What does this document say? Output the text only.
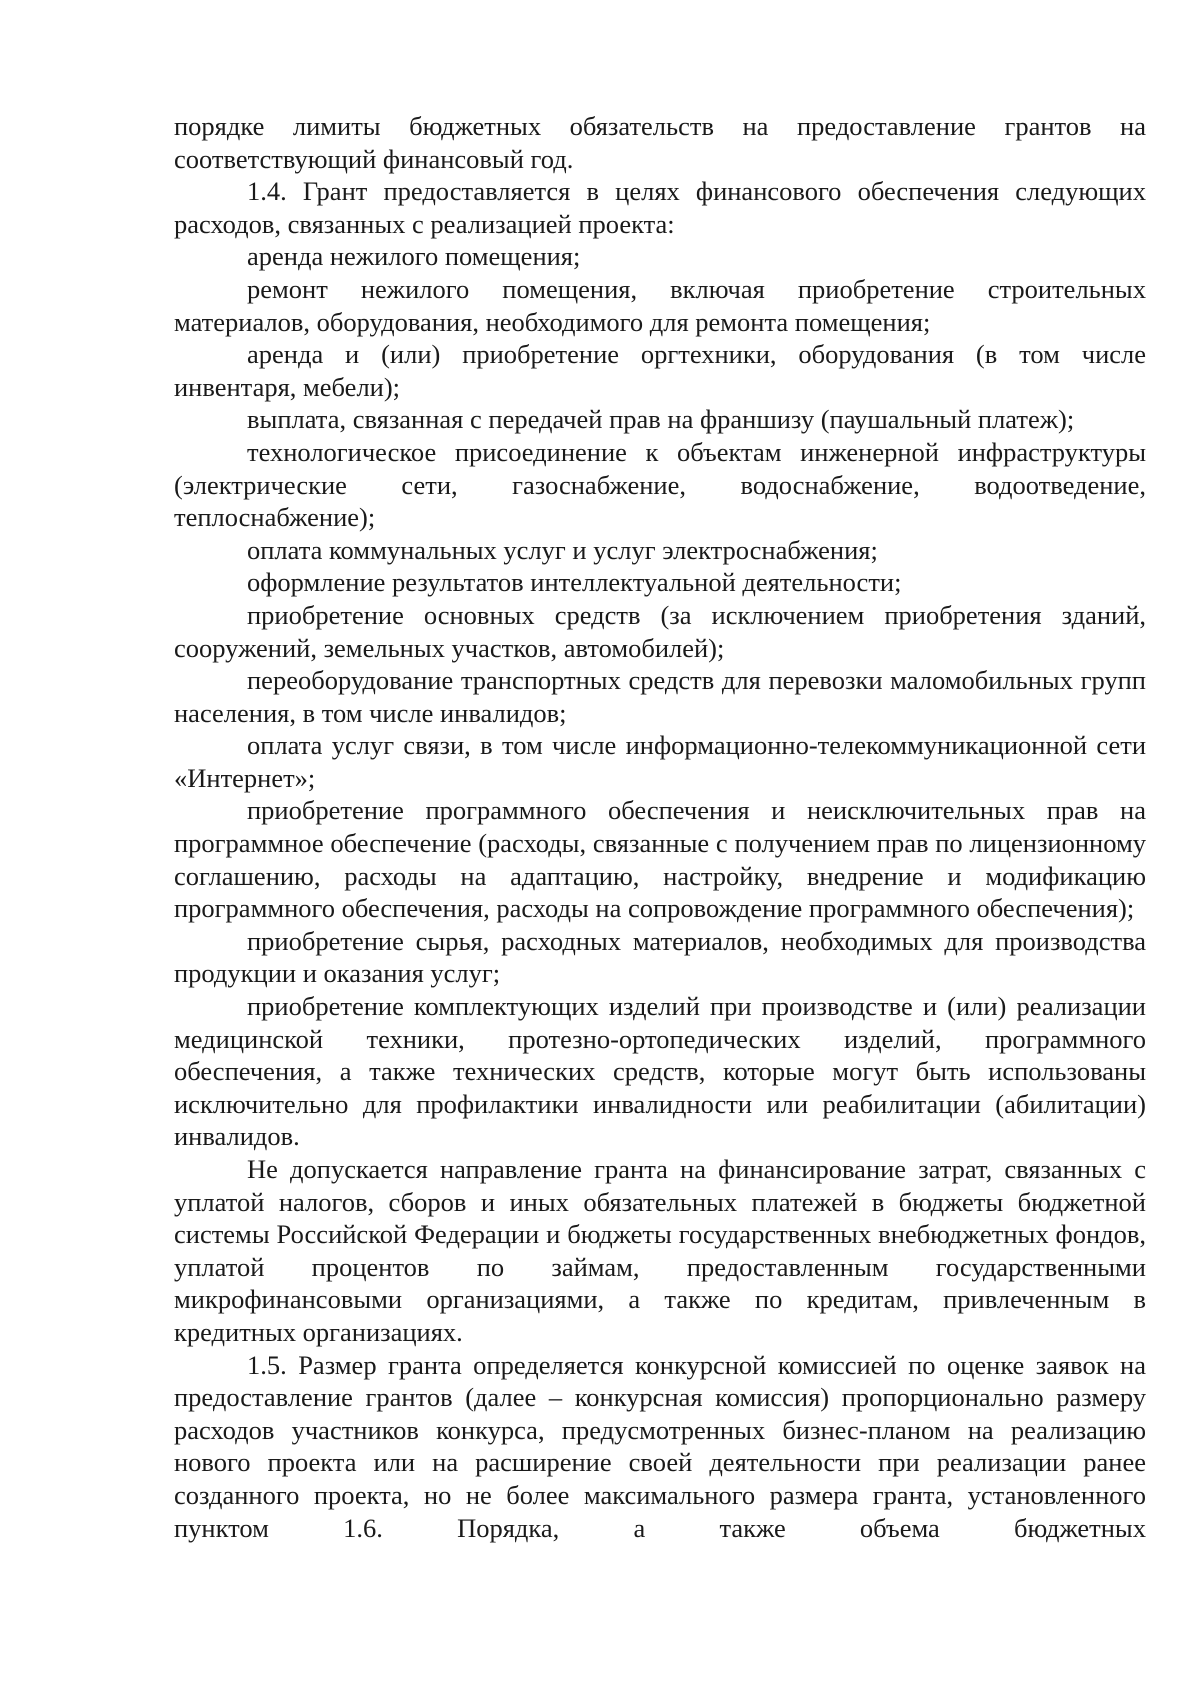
порядке лимиты бюджетных обязательств на предоставление грантов на соответствующий финансовый год.

1.4. Грант предоставляется в целях финансового обеспечения следующих расходов, связанных с реализацией проекта:

аренда нежилого помещения;

ремонт нежилого помещения, включая приобретение строительных материалов, оборудования, необходимого для ремонта помещения;

аренда и (или) приобретение оргтехники, оборудования (в том числе инвентаря, мебели);

выплата, связанная с передачей прав на франшизу (паушальный платеж);

технологическое присоединение к объектам инженерной инфраструктуры (электрические сети, газоснабжение, водоснабжение, водоотведение, теплоснабжение);

оплата коммунальных услуг и услуг электроснабжения;

оформление результатов интеллектуальной деятельности;

приобретение основных средств (за исключением приобретения зданий, сооружений, земельных участков, автомобилей);

переоборудование транспортных средств для перевозки маломобильных групп населения, в том числе инвалидов;

оплата услуг связи, в том числе информационно-телекоммуникационной сети «Интернет»;

приобретение программного обеспечения и неисключительных прав на программное обеспечение (расходы, связанные с получением прав по лицензионному соглашению, расходы на адаптацию, настройку, внедрение и модификацию программного обеспечения, расходы на сопровождение программного обеспечения);

приобретение сырья, расходных материалов, необходимых для производства продукции и оказания услуг;

приобретение комплектующих изделий при производстве и (или) реализации медицинской техники, протезно-ортопедических изделий, программного обеспечения, а также технических средств, которые могут быть использованы исключительно для профилактики инвалидности или реабилитации (абилитации) инвалидов.

Не допускается направление гранта на финансирование затрат, связанных с уплатой налогов, сборов и иных обязательных платежей в бюджеты бюджетной системы Российской Федерации и бюджеты государственных внебюджетных фондов, уплатой процентов по займам, предоставленным государственными микрофинансовыми организациями, а также по кредитам, привлеченным в кредитных организациях.

1.5. Размер гранта определяется конкурсной комиссией по оценке заявок на предоставление грантов (далее – конкурсная комиссия) пропорционально размеру расходов участников конкурса, предусмотренных бизнес-планом на реализацию нового проекта или на расширение своей деятельности при реализации ранее созданного проекта, но не более максимального размера гранта, установленного пунктом 1.6. Порядка, а также объема бюджетных
